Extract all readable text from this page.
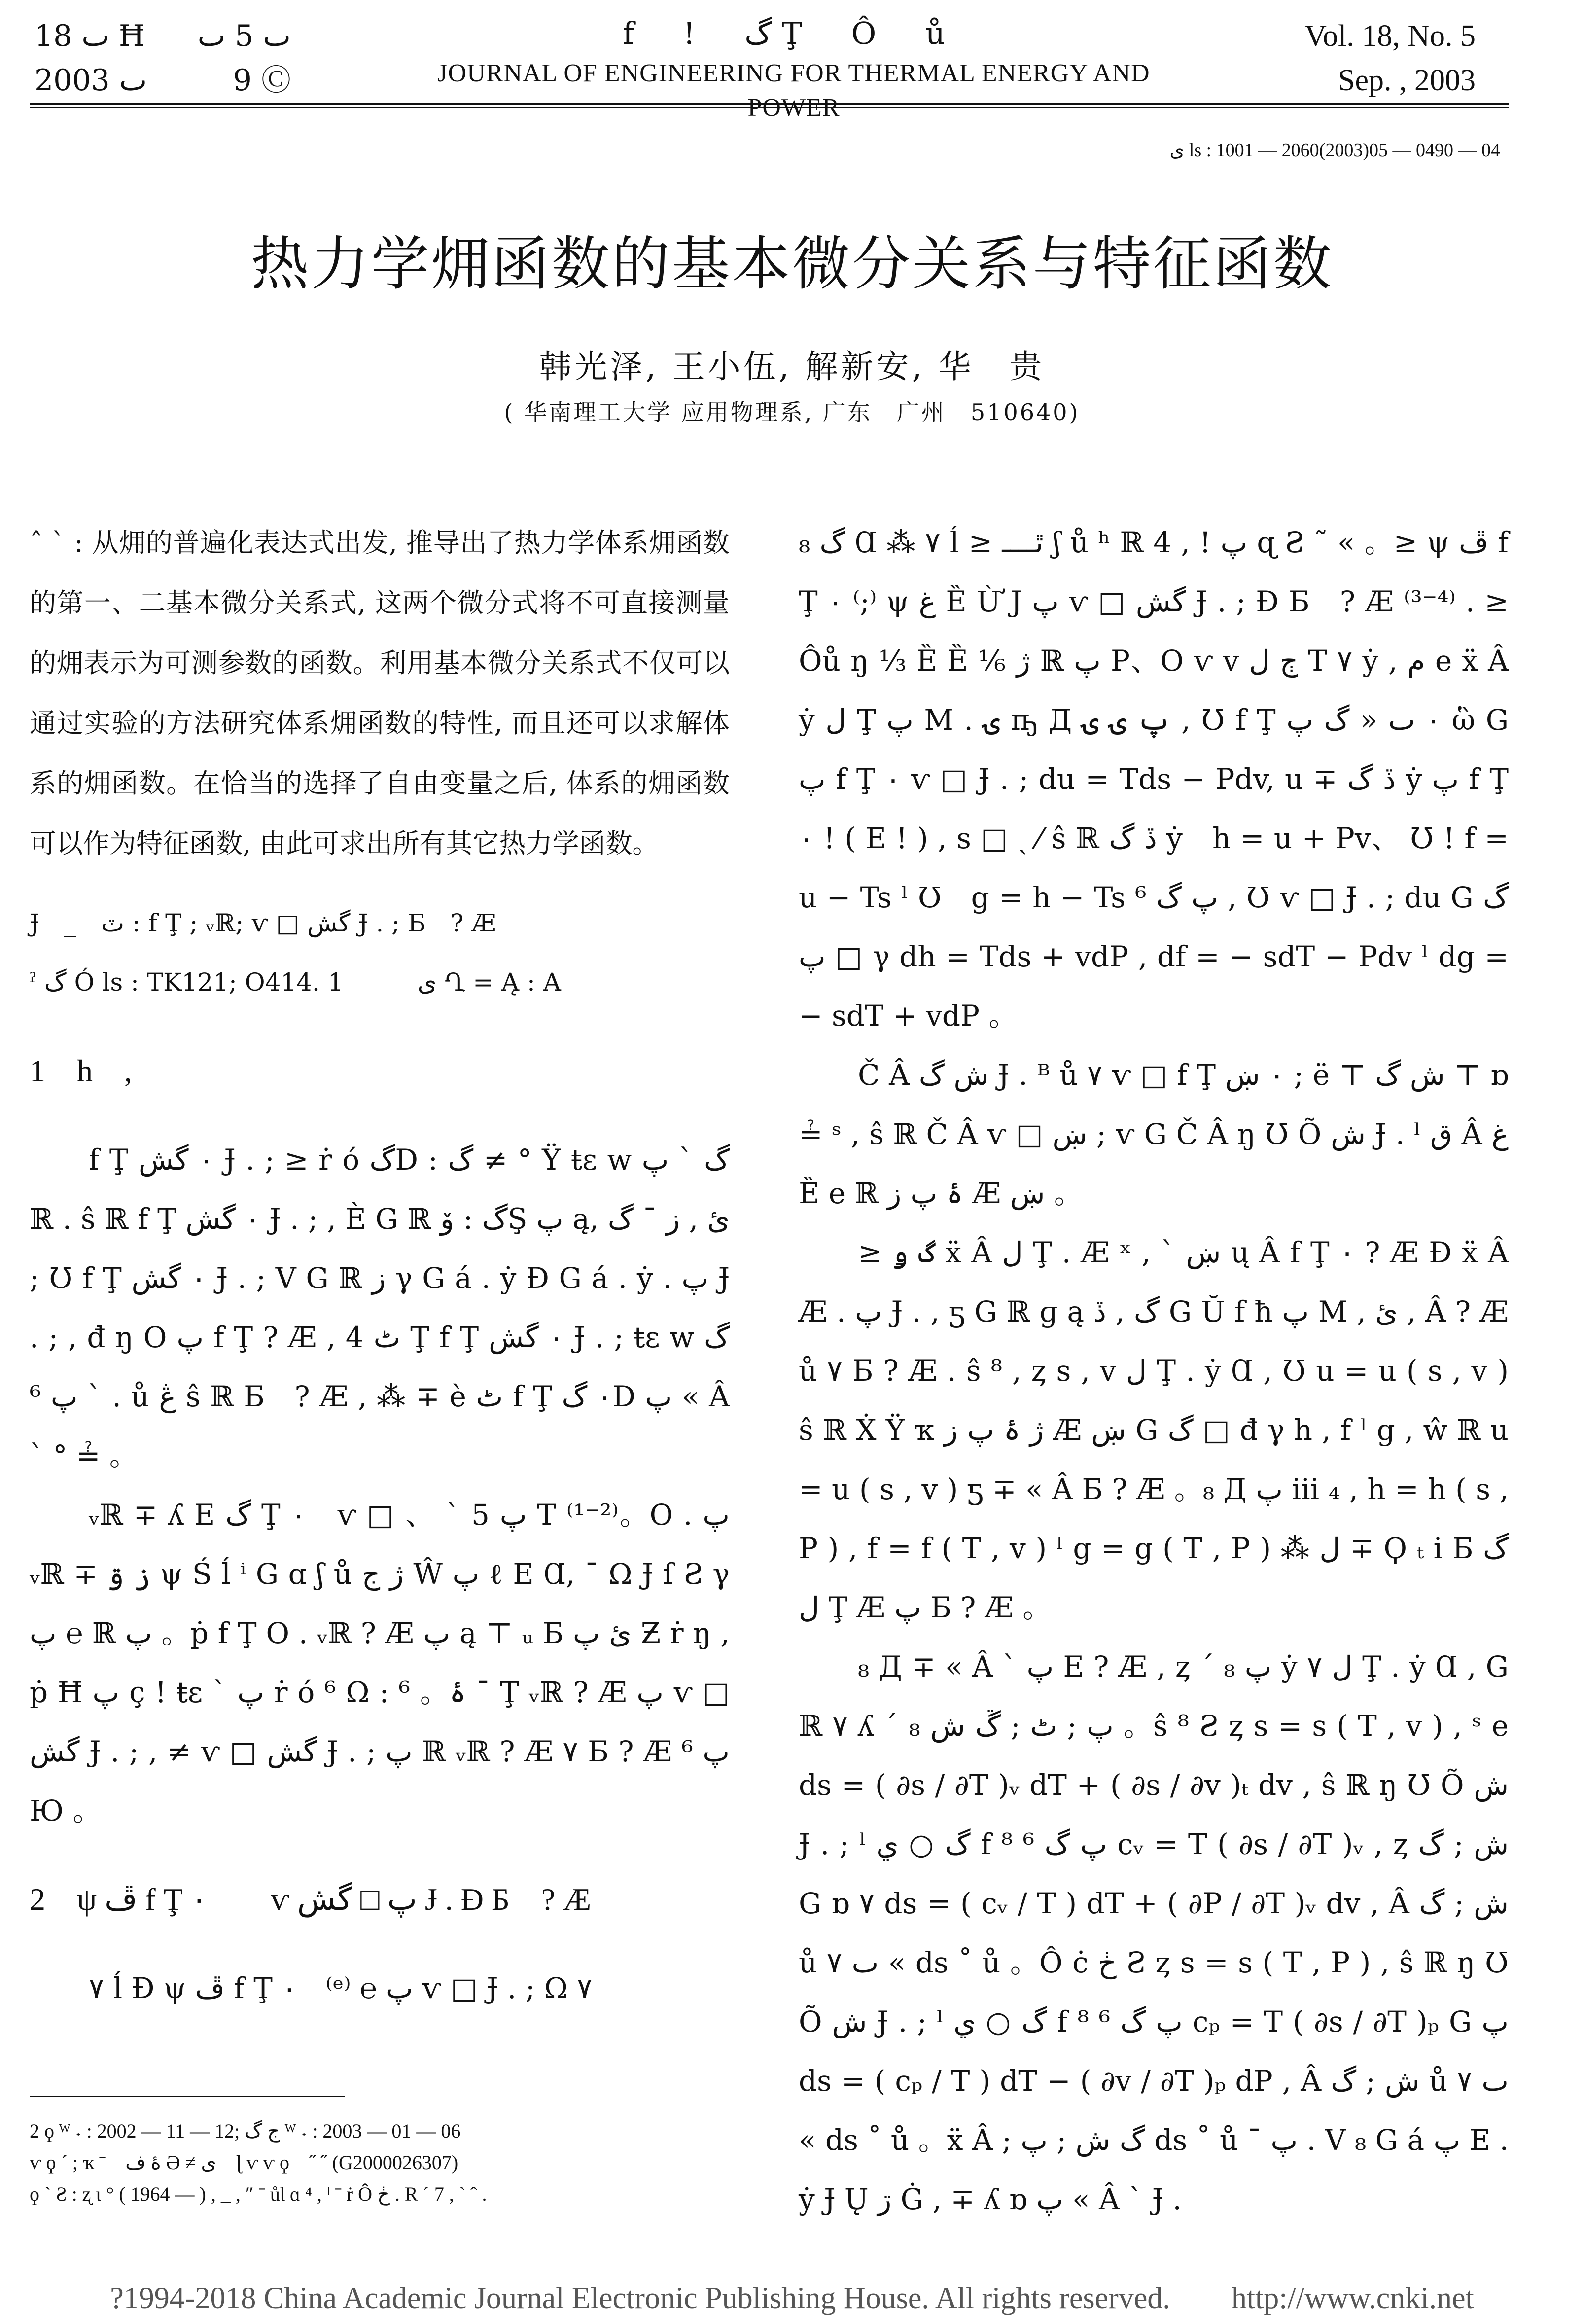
ٮ 18 Ħ ٮ 5 ٮ
2003 ٮ	9 Ⓒ
f ! گ Ţ Ô ů
JOURNAL OF ENGINEERING FOR THERMAL ENERGY AND
Vol. 18, No. 5
Sep. , 2003
ى ls : 1001 — 2060(2003)05 — 0490 — 04
热力学㶲函数的基本微分关系与特征函数
韩光泽, 王小伍, 解新安, 华　贵
( 华南理工大学 应用物理系, 广东　广州　510640)

ˆ ˋ : 从㶲的普遍化表达式出发, 推导出了热力学体系㶲函数的第一、二基本微分关系式, 这两个微分式将不可直接测量的㶲表示为可测参数的函数。利用基本微分关系式不仅可以通过实验的方法研究体系㶲函数的特性, 而且还可以求解体系的㶲函数。在恰当的选择了自由变量之后, 体系的㶲函数可以作为特征函数, 由此可求出所有其它热力学函数。

Ɉ　_　ٽ : f Ţ ; ᵥℝ; ѵ □ گش Ɉ . ; Б　? Æ

ˀ گ Ó ls : TK121; O414. 1　　　ى Ղ = Ą : A

1　h　,

f Ţ ٠ گش Ɉ . ; ≥ ṙ ó گD : گ ≠ ° Ÿ ŧɛ w گ ˋ پ ℝ . ŝ ℝ f Ţ ٠ گش Ɉ . ; , Ѐ G ℝ گ : ۆŞ پ ą, ئ , ز ˉ گ ; Ʊ f Ţ ٠ گش Ɉ . ; V G ℝ ز γ G á . ẏ Ɖ G á . ẏ . پ Ɉ . ; , đ ŋ O پ f Ţ ? Æ , 4 ٹ Ţ f Ţ ٠ گش Ɉ . ; ŧɛ w گ ˋ پ ⁶ . ů ڠ ŝ ℝ Б　? Æ , ⁂ ∓ è ٹ f Ţ ٠ گD پ « Â ˋ ° ≟ 。

ᵥℝ ∓ ʎ E گ Ţ ٠　ѵ □ 、 ˋ پ 5 T ⁽¹⁻²⁾。O . پ ᵥℝ ∓ ز ۊ ψ Ś ĺ ⁱ G ɑ ʃ ů ژ ج Ŵ پ ℓ E Ɑ, ˉ Ω Ɉ ſ Ƨ γ پ ℮ ℝ پ 。ṗ f Ţ O . ᵥℝ ? Æ پ ą ⊤ ᵤ Б ئ پ Ƶ ṙ ŋ , ṗ Ħ پ ç ! ŧɛ ˋ پ ṙ ó ⁶ Ω : ⁶ 。ۀ ˉ Ţ ᵥℝ ? Æ پ ѵ □ گش Ɉ . ; , ≠ ѵ □ گش Ɉ . ; پ ℝ ᵥℝ ? Æ ۷ Б ? Æ پ ⁶ Ю 。

2　ψ ڦ f Ţ ٠　　ѵ پ □ گش Ɉ . Ɖ Б　? Æ

۷ ĺ Ɖ ψ ڦ f Ţ ٠　⁽ᵉ⁾ ℮ پ ѵ □ Ɉ . ; Ω ۷

گ ₈ Ɑ ⁂ ۷ ĺ ≥ ٿــــ ʃ ů ʰ ℝ پ ! , 4 ɋ Ƨ ˜ « 。≥ ψ ڦ f Ţ ٠ ⁽;⁾ ψ غ Ȅ Ừ J پ ѵ □ گش Ɉ . ; Ɖ Б　? Æ ⁽³⁻⁴⁾ . ≥ Ôů ŋ ⅓ Ȅ Ȅ ⅙ ژ ℝ پ P、O ѵ v ڄ ل T ۷ ẏ , م e ẍ Â ẏ ل Ţ پ M . ۍ ҧ Д پ ۍ ۍ , Ʊ f Ţ ٠ ٮ « گ پ ὣ G پ f Ţ ٠ ѵ □ Ɉ . ; du = Tds − Pdv, u ∓ ڏ گ ẏ پ f Ţ ٠ ! ( E ! ) , s □ ˏ ⁄ ŝ ℝ ڏ گ ẏ　h = u + Pv、 Ʊ ! f = u − Ts ˡ Ʊ　g = h − Ts پ گ ⁶ , Ʊ ѵ □ Ɉ . ; du G گ □ پ γ dh = Tds + vdP , df = − sdT − Pdv ˡ dg = − sdT + vdP 。

Č Â ش گ Ɉ . ᴮ ů ۷ ѵ □ f Ţ ٠ ښ ; ë ⊤ ش گ ⊤ ɒ ≟ ˢ , ŝ ℝ Č Â ѵ □ ښ ; ѵ G Č Â ŋ Ʊ Õ ش Ɉ . ˡ ق Â غ Ȅ e ℝ ۂ پ ز Æ ښ 。

≥ گ ۅ ẍ Â ل Ţ . Æ ˣ , ˋ ښ ų Â f Ţ ٠ ? Æ Ɖ ẍ Â Æ . پ Ɉ . , ƽ G ℝ ɡ ą گ , ڏ G Ŭ f ħ پ M , ئ , Â ? Æ ů ۷ Б ? Æ . ŝ ⁸ , ȥ s , v ل Ţ . ẏ Ɑ , Ʊ u = u ( s , v ) ŝ ℝ Ẋ Ÿ ҡ ژ ۂ پ ز Æ ښ G گ □ đ γ h , f ˡ g , ŵ ℝ u = u ( s , v ) ƽ ∓ « Â Б ? Æ 。₈ Д پ iii ₄ , h = h ( s , P ) , f = f ( T , v ) ˡ g = g ( T , P ) ⁂ ل ∓ Ϙ ₜ i Б گ ل Ţ Æ پ Б ? Æ 。

₈ Д ∓ « Â ˋ پ E ? Æ , ȥ ´ ₈ پ ẏ ۷ ل Ţ . ẏ Ɑ , G ℝ ۷ ʎ ˊ ₈ پ ; ٹ ; ڱ ش 。ŝ ⁸ Ƨ ȥ s = s ( T , v ) , ˢ e ds = ( ∂s / ∂T )ᵥ dT + ( ∂s / ∂v )ₜ dv , ŝ ℝ ŋ Ʊ Õ ش Ɉ . ; ˡ گ ○ ي f ⁸ پ گ ⁶ cᵥ = T ( ∂s / ∂T )ᵥ , ȥ ش ; گ G ɒ ۷ ds = ( cᵥ / T ) dT + ( ∂P / ∂T )ᵥ dv , Â ش ; گ ů ۷ ٮ « ds ˚ ů 。Ô ċ ڂ Ƨ ȥ s = s ( T , P ) , ŝ ℝ ŋ Ʊ Õ ش Ɉ . ; ˡ گ ○ ي f ⁸ پ گ ⁶ cₚ = T ( ∂s / ∂T )ₚ G پ ds = ( cₚ / T ) dT − ( ∂v / ∂T )ₚ dP , Â ش ; گ ů ۷ ٮ « ds ˚ ů 。ẍ Â ; گ ش ; پ ds ˚ ů ˉ پ . V ₈ G á پ E . ẏ Ɉ Ų ڗ Ġ , ∓ ʎ ɒ پ « Â ˋ Ɉ .

2 ϙ ᵂ ˖ : 2002 — 11 — 12; ج گ ᵂ ˖ : 2003 — 01 — 06
ѵ ϙ ´ ; ҡ ˉ　ۀ ف Ә ≠ ى　ɭ ѵ ѵ ϙ　˝ ˝ (G2000026307)
ϙ ˋ Ƨ : ʐ ɩ ° ( 1964 — ) , _ , ″ ˉ ůƖ ɑ ⁴ , ˡ ˉ ṙ Ô ڂ . R ´ 7 , ` ˆ .
?1994-2018 China Academic Journal Electronic Publishing House. All rights reserved.　　http://www.cnki.net
